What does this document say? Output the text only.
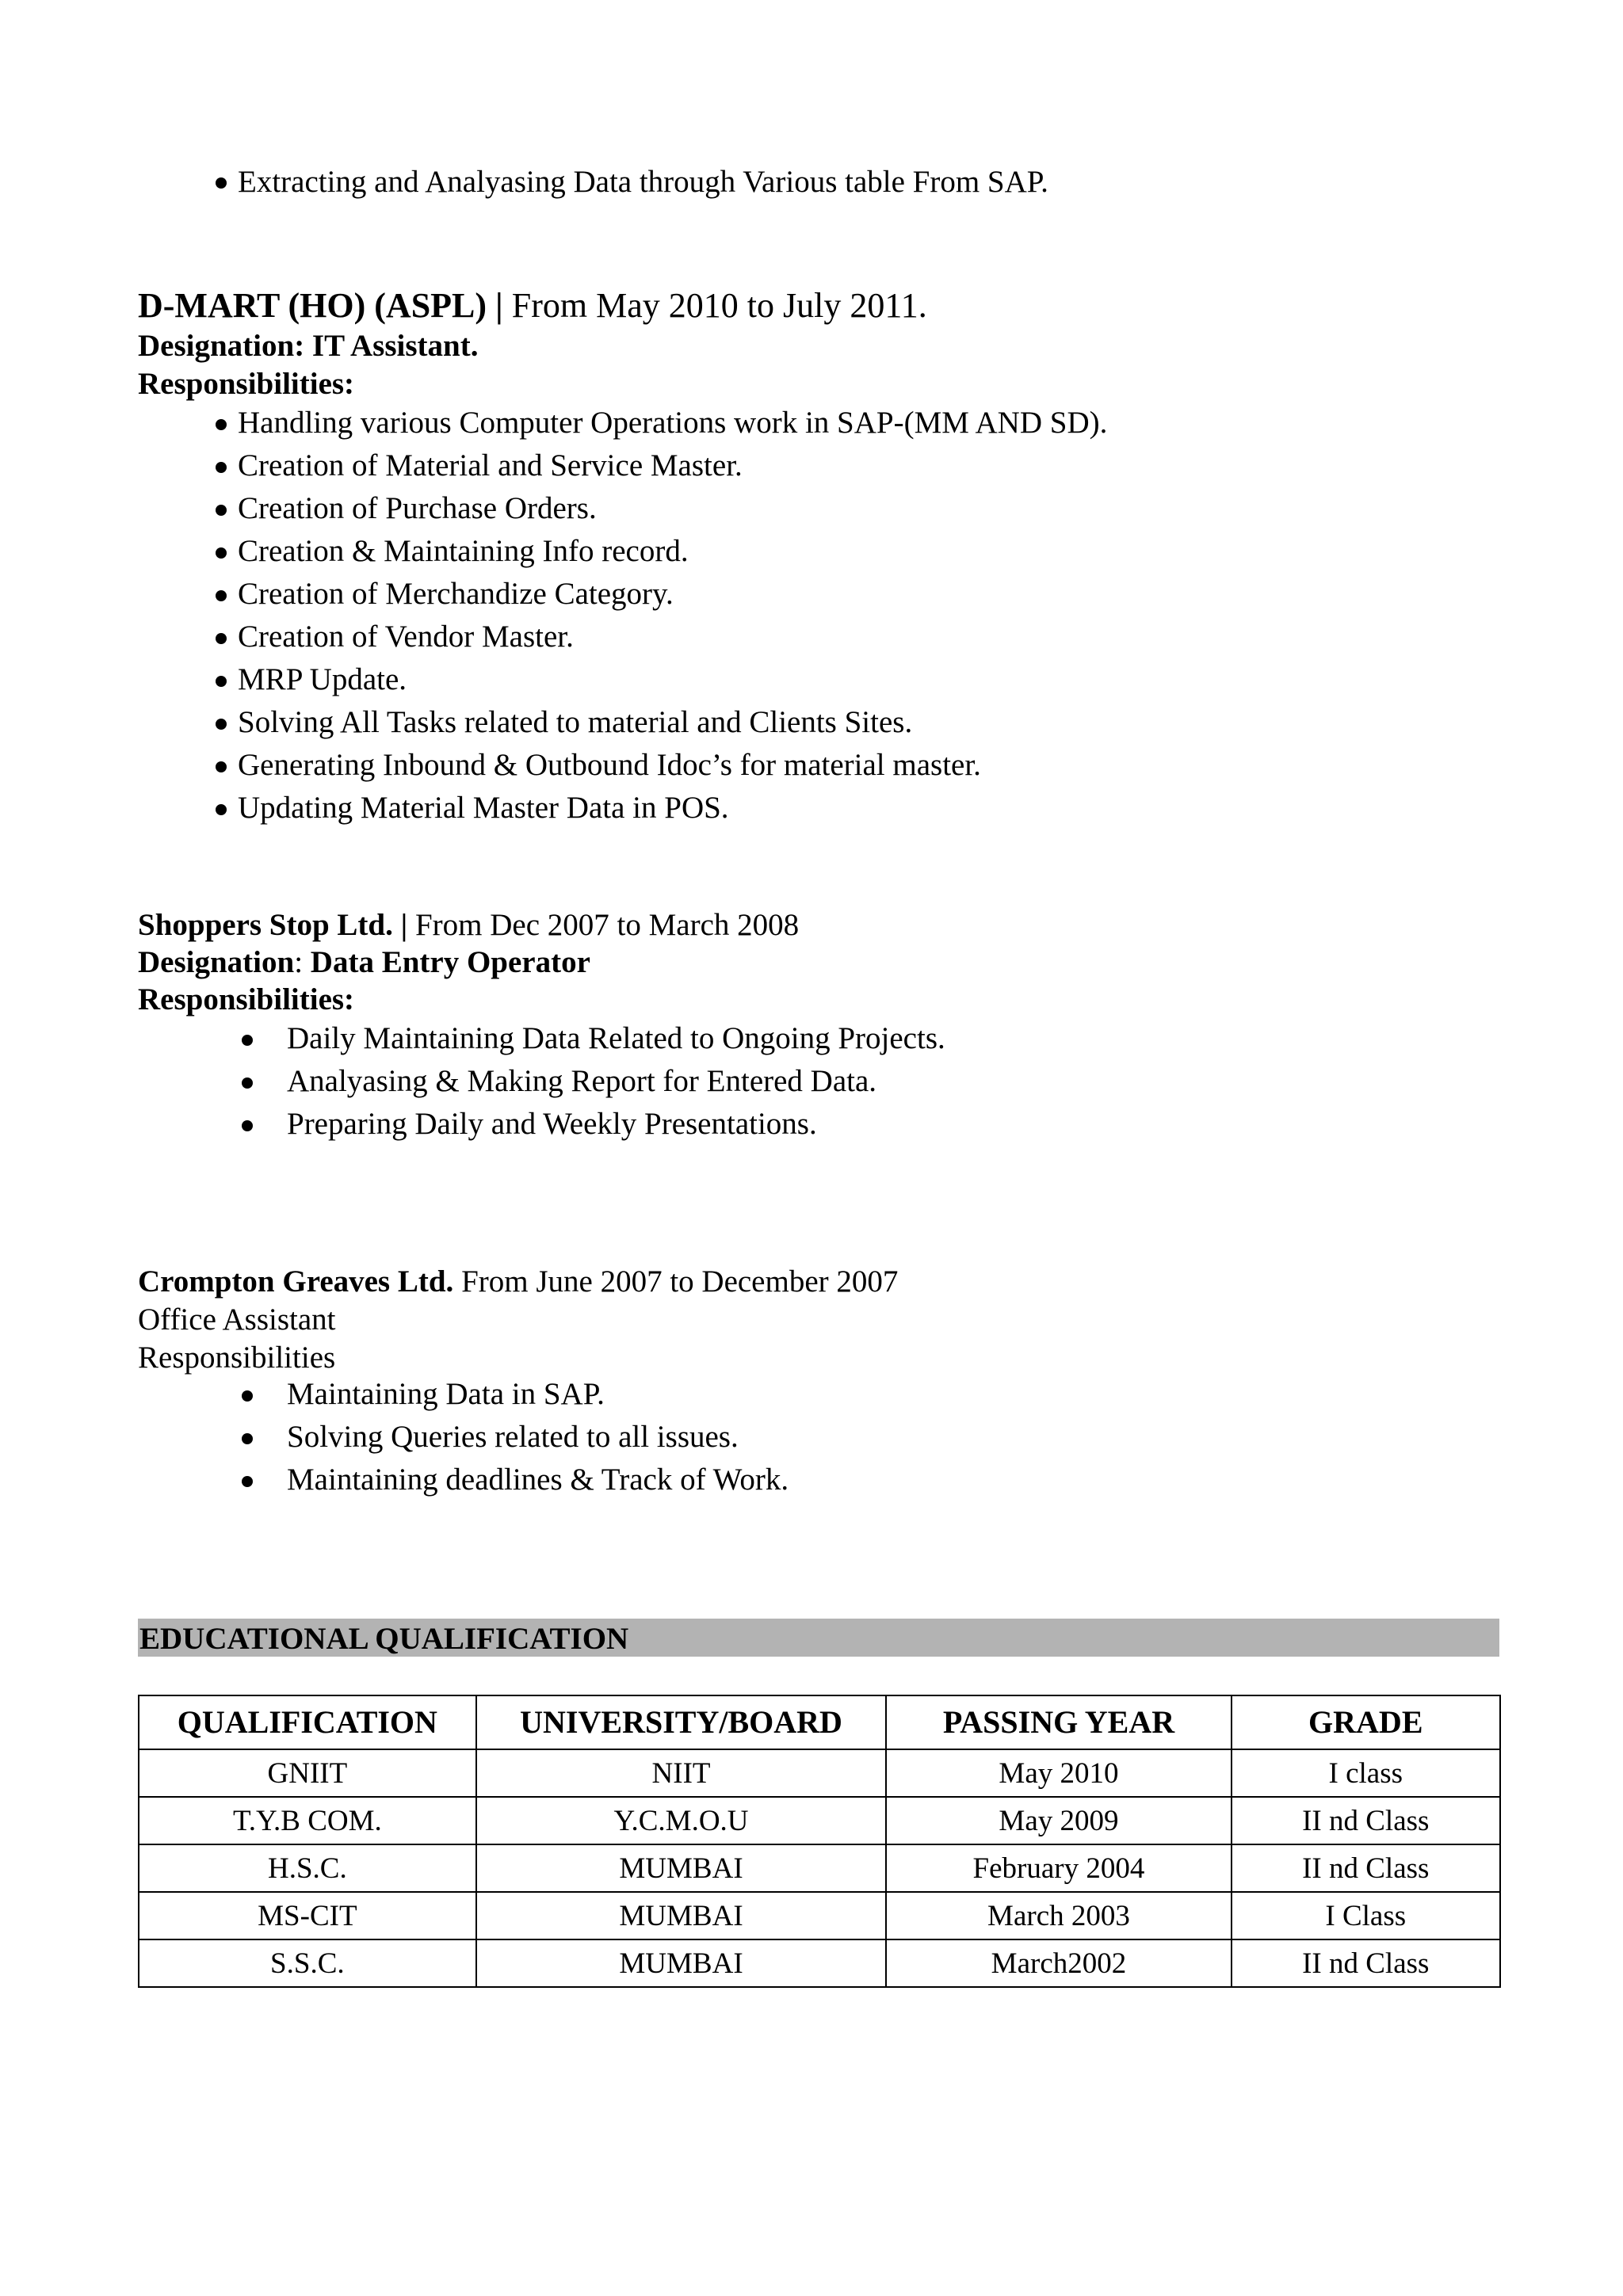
Extracting and Analyasing Data through Various table From SAP.
D-MART (HO) (ASPL) | From May 2010 to July 2011.
Designation: IT Assistant.
Responsibilities:
Handling various Computer Operations work in SAP-(MM AND SD).
Creation of Material and Service Master.
Creation of Purchase Orders.
Creation & Maintaining Info record.
Creation of Merchandize Category.
Creation of Vendor Master.
MRP Update.
Solving All Tasks related to material and Clients Sites.
Generating Inbound & Outbound Idoc’s for material master.
Updating Material Master Data in POS.
Shoppers Stop Ltd. | From Dec 2007 to March 2008
Designation: Data Entry Operator
Responsibilities:
Daily Maintaining Data Related to Ongoing Projects.
Analyasing & Making Report for Entered Data.
Preparing Daily and Weekly Presentations.
Crompton Greaves Ltd. From June 2007 to December 2007
Office Assistant
Responsibilities
Maintaining Data in SAP.
Solving Queries related to all issues.
Maintaining deadlines & Track of Work.
EDUCATIONAL QUALIFICATION
QUALIFICATION	UNIVERSITY/BOARD	PASSING YEAR	GRADE
GNIIT	NIIT	May 2010	I class
T.Y.B COM.	Y.C.M.O.U	May 2009	II nd Class
H.S.C.	MUMBAI	February 2004	II nd Class
MS-CIT	MUMBAI	March 2003	I Class
S.S.C.	MUMBAI	March2002	II nd Class
